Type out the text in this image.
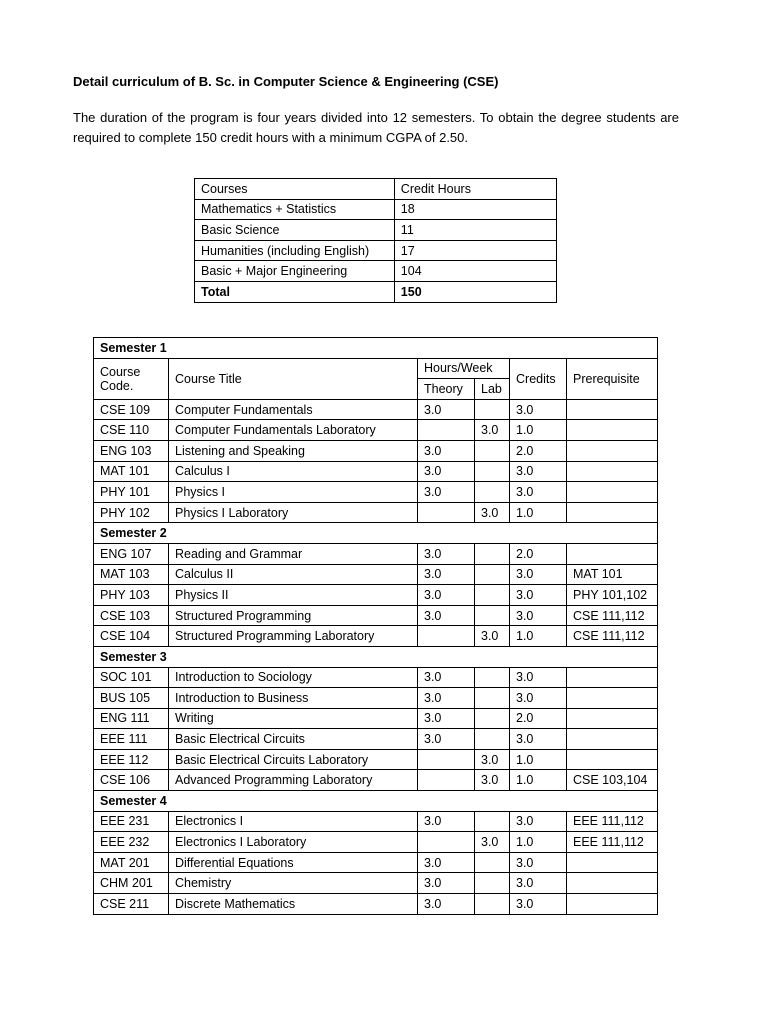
Detail curriculum of B. Sc. in Computer Science & Engineering (CSE)
The duration of the program is four years divided into 12 semesters. To obtain the degree students are required to complete 150 credit hours with a minimum CGPA of 2.50.
Courses	Credit Hours
Mathematics + Statistics	18
Basic Science	11
Humanities (including English)	17
Basic + Major Engineering	104
Total	150
Semester 1					

Course
Code.	Course Title	Hours/Week		Credits	Prerequisite
		Theory	Lab		
CSE 109	Computer Fundamentals	3.0		3.0	
CSE 110	Computer Fundamentals Laboratory		3.0	1.0	
ENG 103	Listening and Speaking	3.0		2.0	
MAT 101	Calculus I	3.0		3.0	
PHY 101	Physics I	3.0		3.0	
PHY 102	Physics I Laboratory		3.0	1.0	
Semester 2					
ENG 107	Reading and Grammar	3.0		2.0	
MAT 103	Calculus II	3.0		3.0	MAT 101
PHY 103	Physics II	3.0		3.0	PHY 101,102
CSE 103	Structured Programming	3.0		3.0	CSE 111,112
CSE 104	Structured Programming Laboratory		3.0	1.0	CSE 111,112
Semester 3					
SOC 101	Introduction to Sociology	3.0		3.0	
BUS 105	Introduction to Business	3.0		3.0	
ENG 111	Writing	3.0		2.0	
EEE 111	Basic Electrical Circuits	3.0		3.0	
EEE 112	Basic Electrical Circuits Laboratory		3.0	1.0	
CSE 106	Advanced Programming Laboratory		3.0	1.0	CSE 103,104
Semester 4					
EEE 231	Electronics I	3.0		3.0	EEE 111,112
EEE 232	Electronics I Laboratory		3.0	1.0	EEE 111,112
MAT 201	Differential Equations	3.0		3.0	
CHM 201	Chemistry	3.0		3.0	
CSE 211	Discrete Mathematics	3.0		3.0	
